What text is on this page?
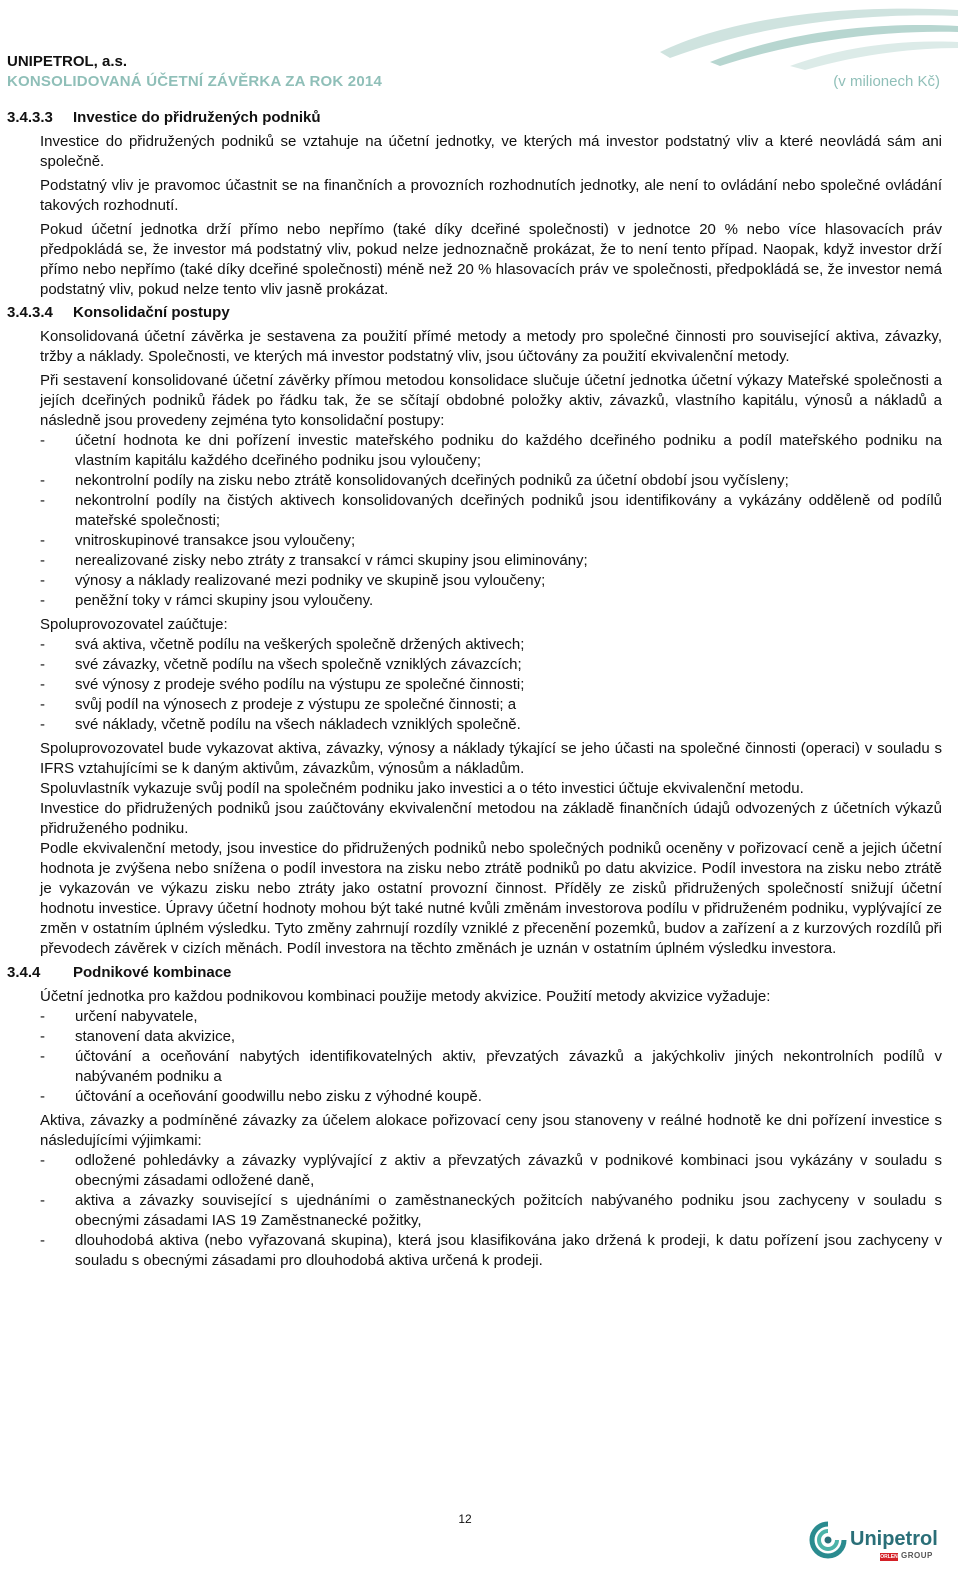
UNIPETROL, a.s.
KONSOLIDOVANÁ ÚČETNÍ ZÁVĚRKA ZA ROK 2014	(v milionech Kč)
3.4.3.3 Investice do přidružených podniků

Investice do přidružených podniků se vztahuje na účetní jednotky, ve kterých má investor podstatný vliv a které neovládá sám ani společně.

Podstatný vliv je pravomoc účastnit se na finančních a provozních rozhodnutích jednotky, ale není to ovládání nebo společné ovládání takových rozhodnutí.

Pokud účetní jednotka drží přímo nebo nepřímo (také díky dceřiné společnosti) v jednotce 20 % nebo více hlasovacích práv předpokládá se, že investor má podstatný vliv, pokud nelze jednoznačně prokázat, že to není tento případ. Naopak, když investor drží přímo nebo nepřímo (také díky dceřiné společnosti) méně než 20 % hlasovacích práv ve společnosti, předpokládá se, že investor nemá podstatný vliv, pokud nelze tento vliv jasně prokázat.

3.4.3.4 Konsolidační postupy

Konsolidovaná účetní závěrka je sestavena za použití přímé metody a metody pro společné činnosti pro související aktiva, závazky, tržby a náklady. Společnosti, ve kterých má investor podstatný vliv, jsou účtovány za použití ekvivalenční metody.

Při sestavení konsolidované účetní závěrky přímou metodou konsolidace slučuje účetní jednotka účetní výkazy Mateřské společnosti a jejích dceřiných podniků řádek po řádku tak, že se sčítají obdobné položky aktiv, závazků, vlastního kapitálu, výnosů a nákladů a následně jsou provedeny zejména tyto konsolidační postupy:

- účetní hodnota ke dni pořízení investic mateřského podniku do každého dceřiného podniku a podíl mateřského podniku na vlastním kapitálu každého dceřiného podniku jsou vyloučeny;
- nekontrolní podíly na zisku nebo ztrátě konsolidovaných dceřiných podniků za účetní období jsou vyčísleny;
- nekontrolní podíly na čistých aktivech konsolidovaných dceřiných podniků jsou identifikovány a vykázány odděleně od podílů mateřské společnosti;
- vnitroskupinové transakce jsou vyloučeny;
- nerealizované zisky nebo ztráty z transakcí v rámci skupiny jsou eliminovány;
- výnosy a náklady realizované mezi podniky ve skupině jsou vyloučeny;
- peněžní toky v rámci skupiny jsou vyloučeny.

Spoluprovozovatel zaúčtuje:

- svá aktiva, včetně podílu na veškerých společně držených aktivech;
- své závazky, včetně podílu na všech společně vzniklých závazcích;
- své výnosy z prodeje svého podílu na výstupu ze společné činnosti;
- svůj podíl na výnosech z prodeje z výstupu ze společné činnosti; a
- své náklady, včetně podílu na všech nákladech vzniklých společně.

Spoluprovozovatel bude vykazovat aktiva, závazky, výnosy a náklady týkající se jeho účasti na společné činnosti (operaci) v souladu s IFRS vztahujícími se k daným aktivům, závazkům, výnosům a nákladům.

Spoluvlastník vykazuje svůj podíl na společném podniku jako investici a o této investici účtuje ekvivalenční metodu.

Investice do přidružených podniků jsou zaúčtovány ekvivalenční metodou na základě finančních údajů odvozených z účetních výkazů přidruženého podniku.

Podle ekvivalenční metody, jsou investice do přidružených podniků nebo společných podniků oceněny v pořizovací ceně a jejich účetní hodnota je zvýšena nebo snížena o podíl investora na zisku nebo ztrátě podniků po datu akvizice. Podíl investora na zisku nebo ztrátě je vykazován ve výkazu zisku nebo ztráty jako ostatní provozní činnost. Příděly ze zisků přidružených společností snižují účetní hodnotu investice. Úpravy účetní hodnoty mohou být také nutné kvůli změnám investorova podílu v přidruženém podniku, vyplývající ze změn v ostatním úplném výsledku. Tyto změny zahrnují rozdíly vzniklé z přecenění pozemků, budov a zařízení a z kurzových rozdílů při převodech závěrek v cizích měnách. Podíl investora na těchto změnách je uznán v ostatním úplném výsledku investora.

3.4.4 Podnikové kombinace

Účetní jednotka pro každou podnikovou kombinaci použije metody akvizice. Použití metody akvizice vyžaduje:

- určení nabyvatele,
- stanovení data akvizice,
- účtování a oceňování nabytých identifikovatelných aktiv, převzatých závazků a jakýchkoliv jiných nekontrolních podílů v nabývaném podniku a
- účtování a oceňování goodwillu nebo zisku z výhodné koupě.

Aktiva, závazky a podmíněné závazky za účelem alokace pořizovací ceny jsou stanoveny v reálné hodnotě ke dni pořízení investice s následujícími výjimkami:

- odložené pohledávky a závazky vyplývající z aktiv a převzatých závazků v podnikové kombinaci jsou vykázány v souladu s obecnými zásadami odložené daně,
- aktiva a závazky související s ujednáními o zaměstnaneckých požitcích nabývaného podniku jsou zachyceny v souladu s obecnými zásadami IAS 19 Zaměstnanecké požitky,
- dlouhodobá aktiva (nebo vyřazovaná skupina), která jsou klasifikována jako držená k prodeji, k datu pořízení jsou zachyceny v souladu s obecnými zásadami pro dlouhodobá aktiva určená k prodeji.
12
Unipetrol
ORLEN GROUP
